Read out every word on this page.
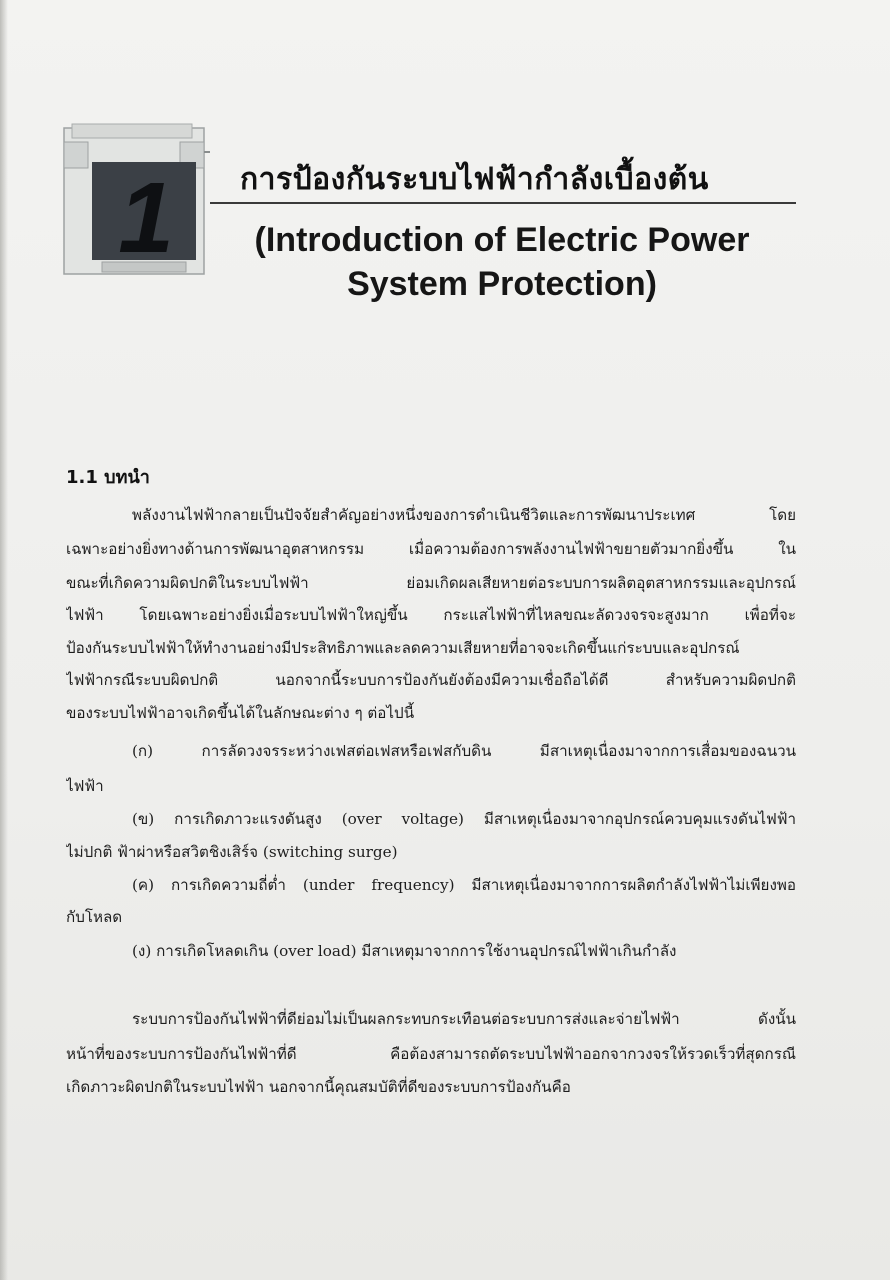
1 การป้องกันระบบไฟฟ้ากำลังเบื้องต้น
(Introduction of Electric Power
System Protection)
1.1 บทนำ
พลังงานไฟฟ้ากลายเป็นปัจจัยสำคัญอย่างหนึ่งของการดำเนินชีวิตและการพัฒนาประเทศ โดย
เฉพาะอย่างยิ่งทางด้านการพัฒนาอุตสาหกรรม เมื่อความต้องการพลังงานไฟฟ้าขยายตัวมากยิ่งขึ้น ใน
ขณะที่เกิดความผิดปกติในระบบไฟฟ้า ย่อมเกิดผลเสียหายต่อระบบการผลิตอุตสาหกรรมและอุปกรณ์
ไฟฟ้า โดยเฉพาะอย่างยิ่งเมื่อระบบไฟฟ้าใหญ่ขึ้น กระแสไฟฟ้าที่ไหลขณะลัดวงจรจะสูงมาก เพื่อที่จะ
ป้องกันระบบไฟฟ้าให้ทำงานอย่างมีประสิทธิภาพและลดความเสียหายที่อาจจะเกิดขึ้นแก่ระบบและอุปกรณ์
ไฟฟ้ากรณีระบบผิดปกติ นอกจากนี้ระบบการป้องกันยังต้องมีความเชื่อถือได้ดี สำหรับความผิดปกติ
ของระบบไฟฟ้าอาจเกิดขึ้นได้ในลักษณะต่าง ๆ ต่อไปนี้
(ก) การลัดวงจรระหว่างเฟสต่อเฟสหรือเฟสกับดิน มีสาเหตุเนื่องมาจากการเสื่อมของฉนวน
ไฟฟ้า
(ข) การเกิดภาวะแรงดันสูง (over voltage) มีสาเหตุเนื่องมาจากอุปกรณ์ควบคุมแรงดันไฟฟ้า
ไม่ปกติ ฟ้าผ่าหรือสวิตชิงเสิร์จ (switching surge)
(ค) การเกิดความถี่ต่ำ (under frequency) มีสาเหตุเนื่องมาจากการผลิตกำลังไฟฟ้าไม่เพียงพอ
กับโหลด
(ง) การเกิดโหลดเกิน (over load) มีสาเหตุมาจากการใช้งานอุปกรณ์ไฟฟ้าเกินกำลัง
ระบบการป้องกันไฟฟ้าที่ดีย่อมไม่เป็นผลกระทบกระเทือนต่อระบบการส่งและจ่ายไฟฟ้า ดังนั้น
หน้าที่ของระบบการป้องกันไฟฟ้าที่ดี คือต้องสามารถตัดระบบไฟฟ้าออกจากวงจรให้รวดเร็วที่สุดกรณี
เกิดภาวะผิดปกติในระบบไฟฟ้า นอกจากนี้คุณสมบัติที่ดีของระบบการป้องกันคือ
